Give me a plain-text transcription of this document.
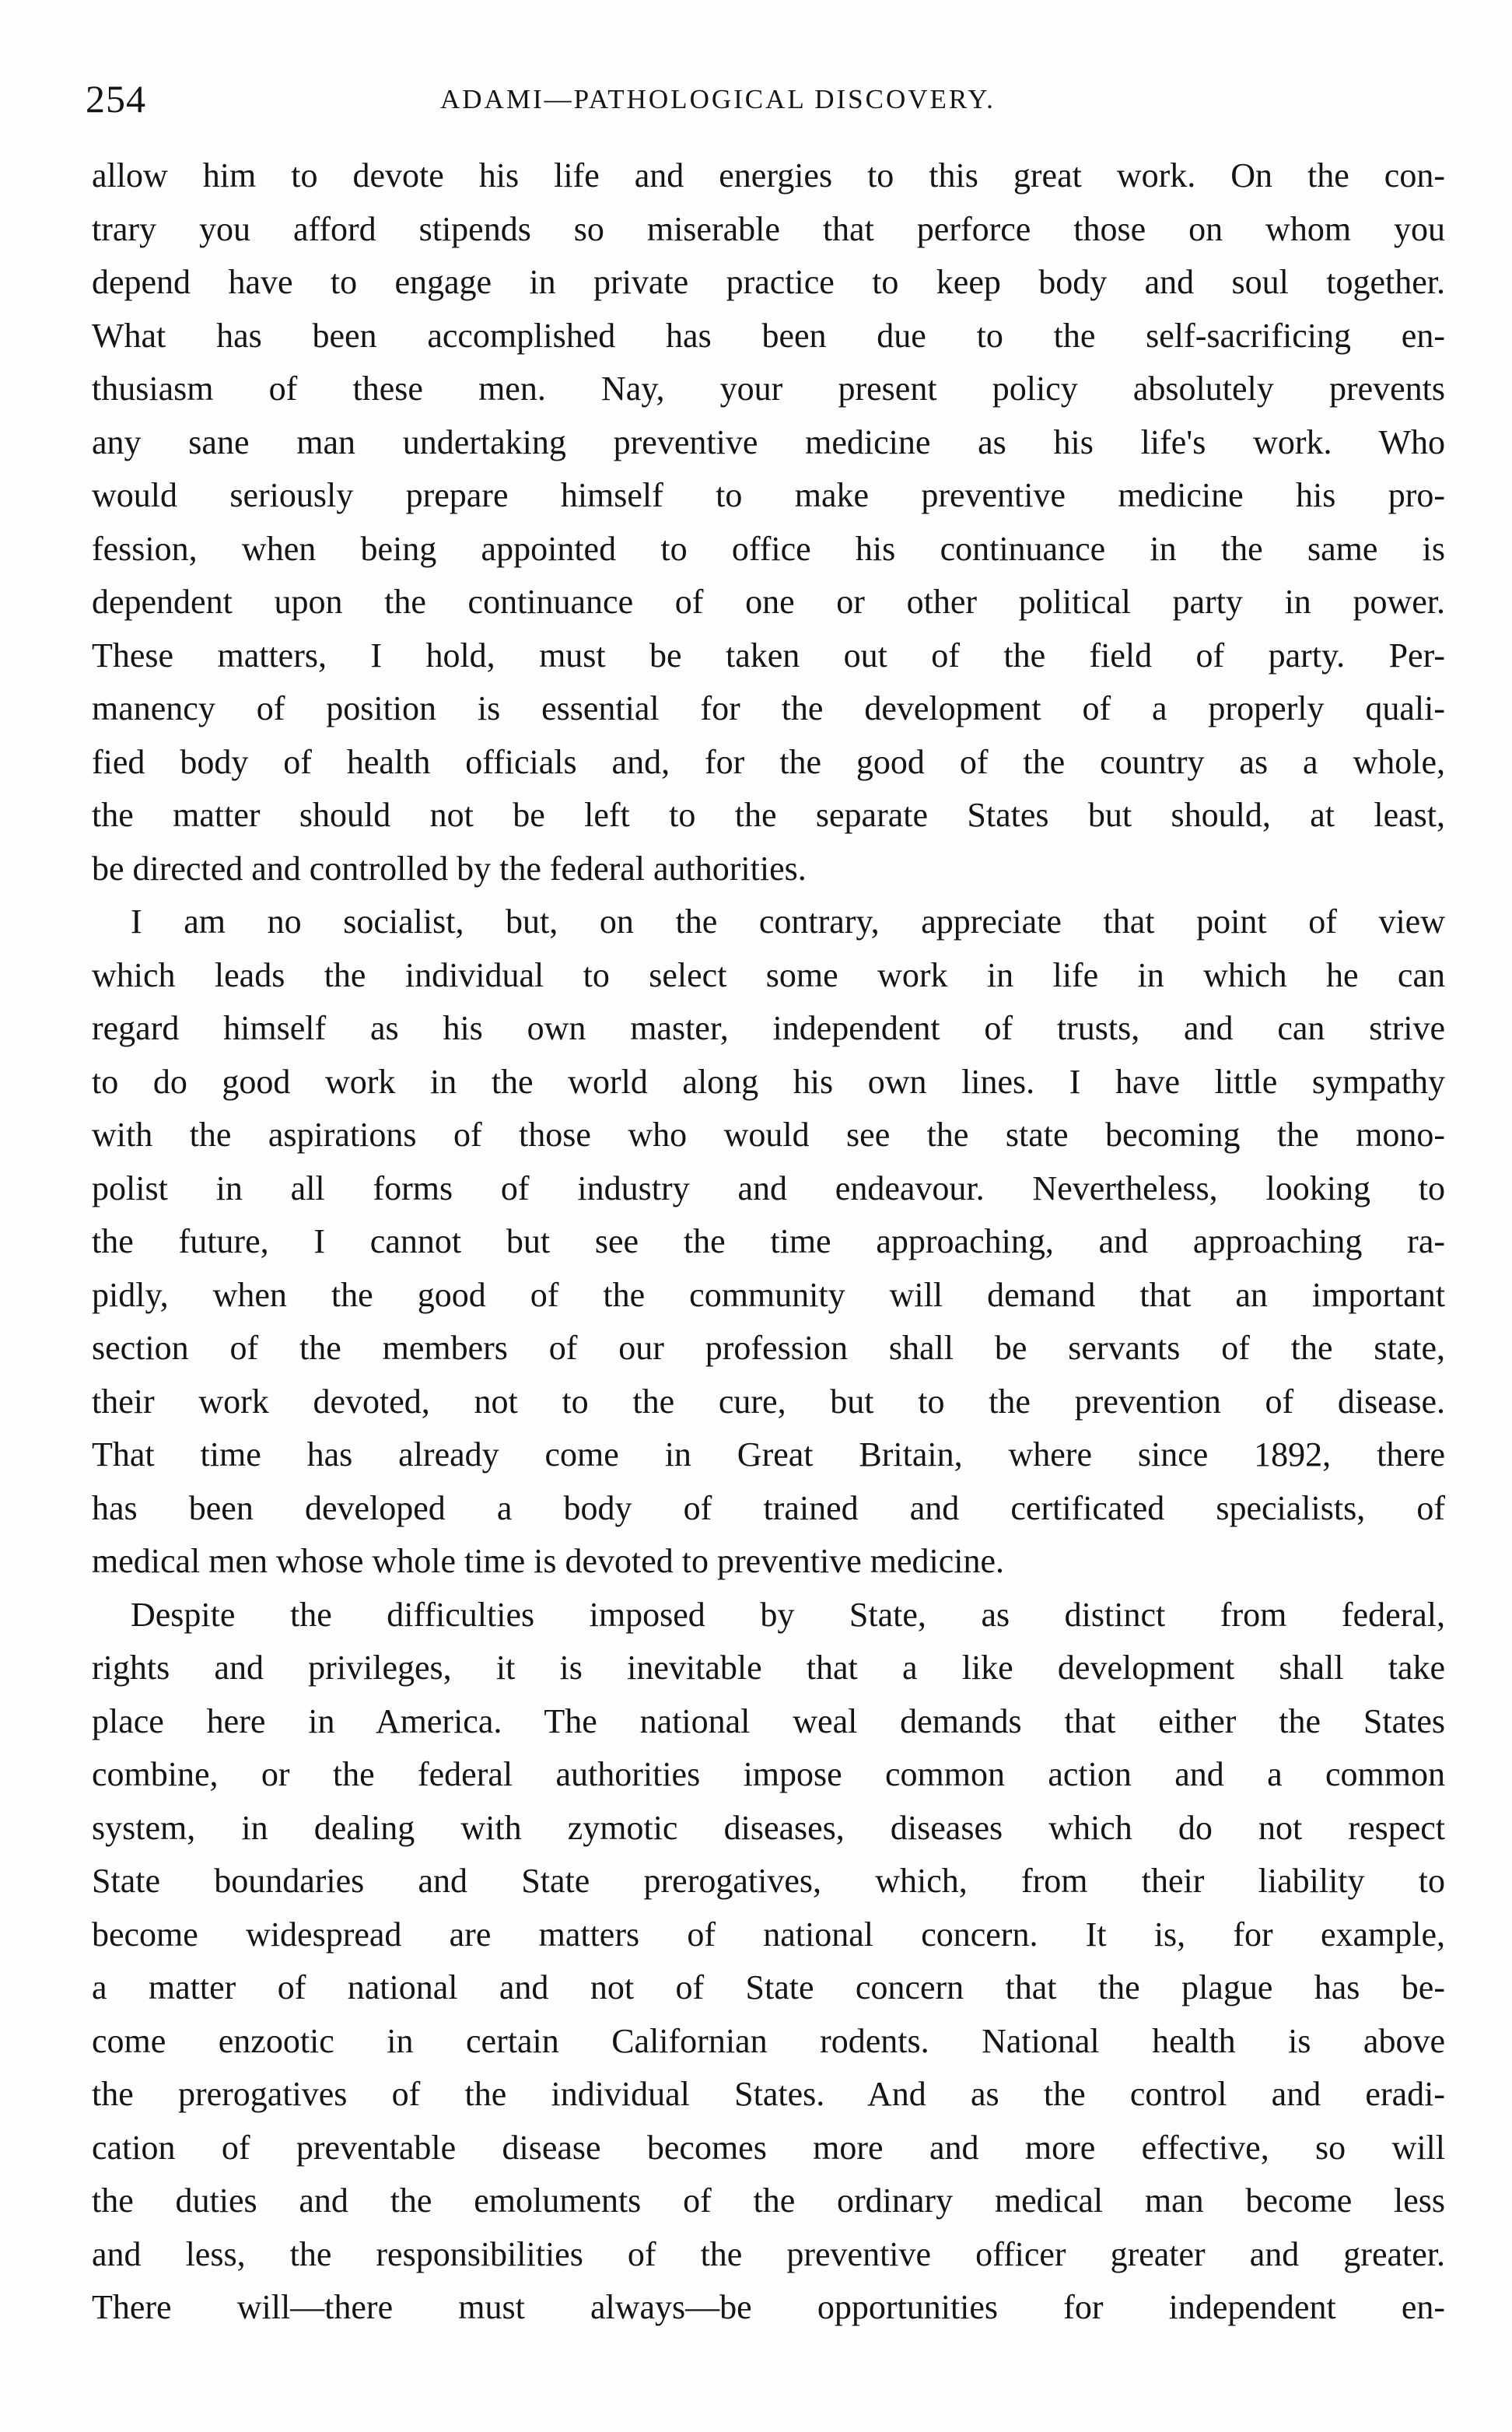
254	ADAMI—PATHOLOGICAL DISCOVERY.

allow him to devote his life and energies to this great work. On the con-
trary you afford stipends so miserable that perforce those on whom you
depend have to engage in private practice to keep body and soul together.
What has been accomplished has been due to the self-sacrificing en-
thusiasm of these men. Nay, your present policy absolutely prevents
any sane man undertaking preventive medicine as his life's work. Who
would seriously prepare himself to make preventive medicine his pro-
fession, when being appointed to office his continuance in the same is
dependent upon the continuance of one or other political party in power.
These matters, I hold, must be taken out of the field of party. Per-
manency of position is essential for the development of a properly quali-
fied body of health officials and, for the good of the country as a whole,
the matter should not be left to the separate States but should, at least,
be directed and controlled by the federal authorities.

I am no socialist, but, on the contrary, appreciate that point of view
which leads the individual to select some work in life in which he can
regard himself as his own master, independent of trusts, and can strive
to do good work in the world along his own lines. I have little sympathy
with the aspirations of those who would see the state becoming the mono-
polist in all forms of industry and endeavour. Nevertheless, looking to
the future, I cannot but see the time approaching, and approaching ra-
pidly, when the good of the community will demand that an important
section of the members of our profession shall be servants of the state,
their work devoted, not to the cure, but to the prevention of disease.
That time has already come in Great Britain, where since 1892, there
has been developed a body of trained and certificated specialists, of
medical men whose whole time is devoted to preventive medicine.

Despite the difficulties imposed by State, as distinct from federal,
rights and privileges, it is inevitable that a like development shall take
place here in America. The national weal demands that either the States
combine, or the federal authorities impose common action and a common
system, in dealing with zymotic diseases, diseases which do not respect
State boundaries and State prerogatives, which, from their liability to
become widespread are matters of national concern. It is, for example,
a matter of national and not of State concern that the plague has be-
come enzootic in certain Californian rodents. National health is above
the prerogatives of the individual States. And as the control and eradi-
cation of preventable disease becomes more and more effective, so will
the duties and the emoluments of the ordinary medical man become less
and less, the responsibilities of the preventive officer greater and greater.
There will—there must always—be opportunities for independent en-
